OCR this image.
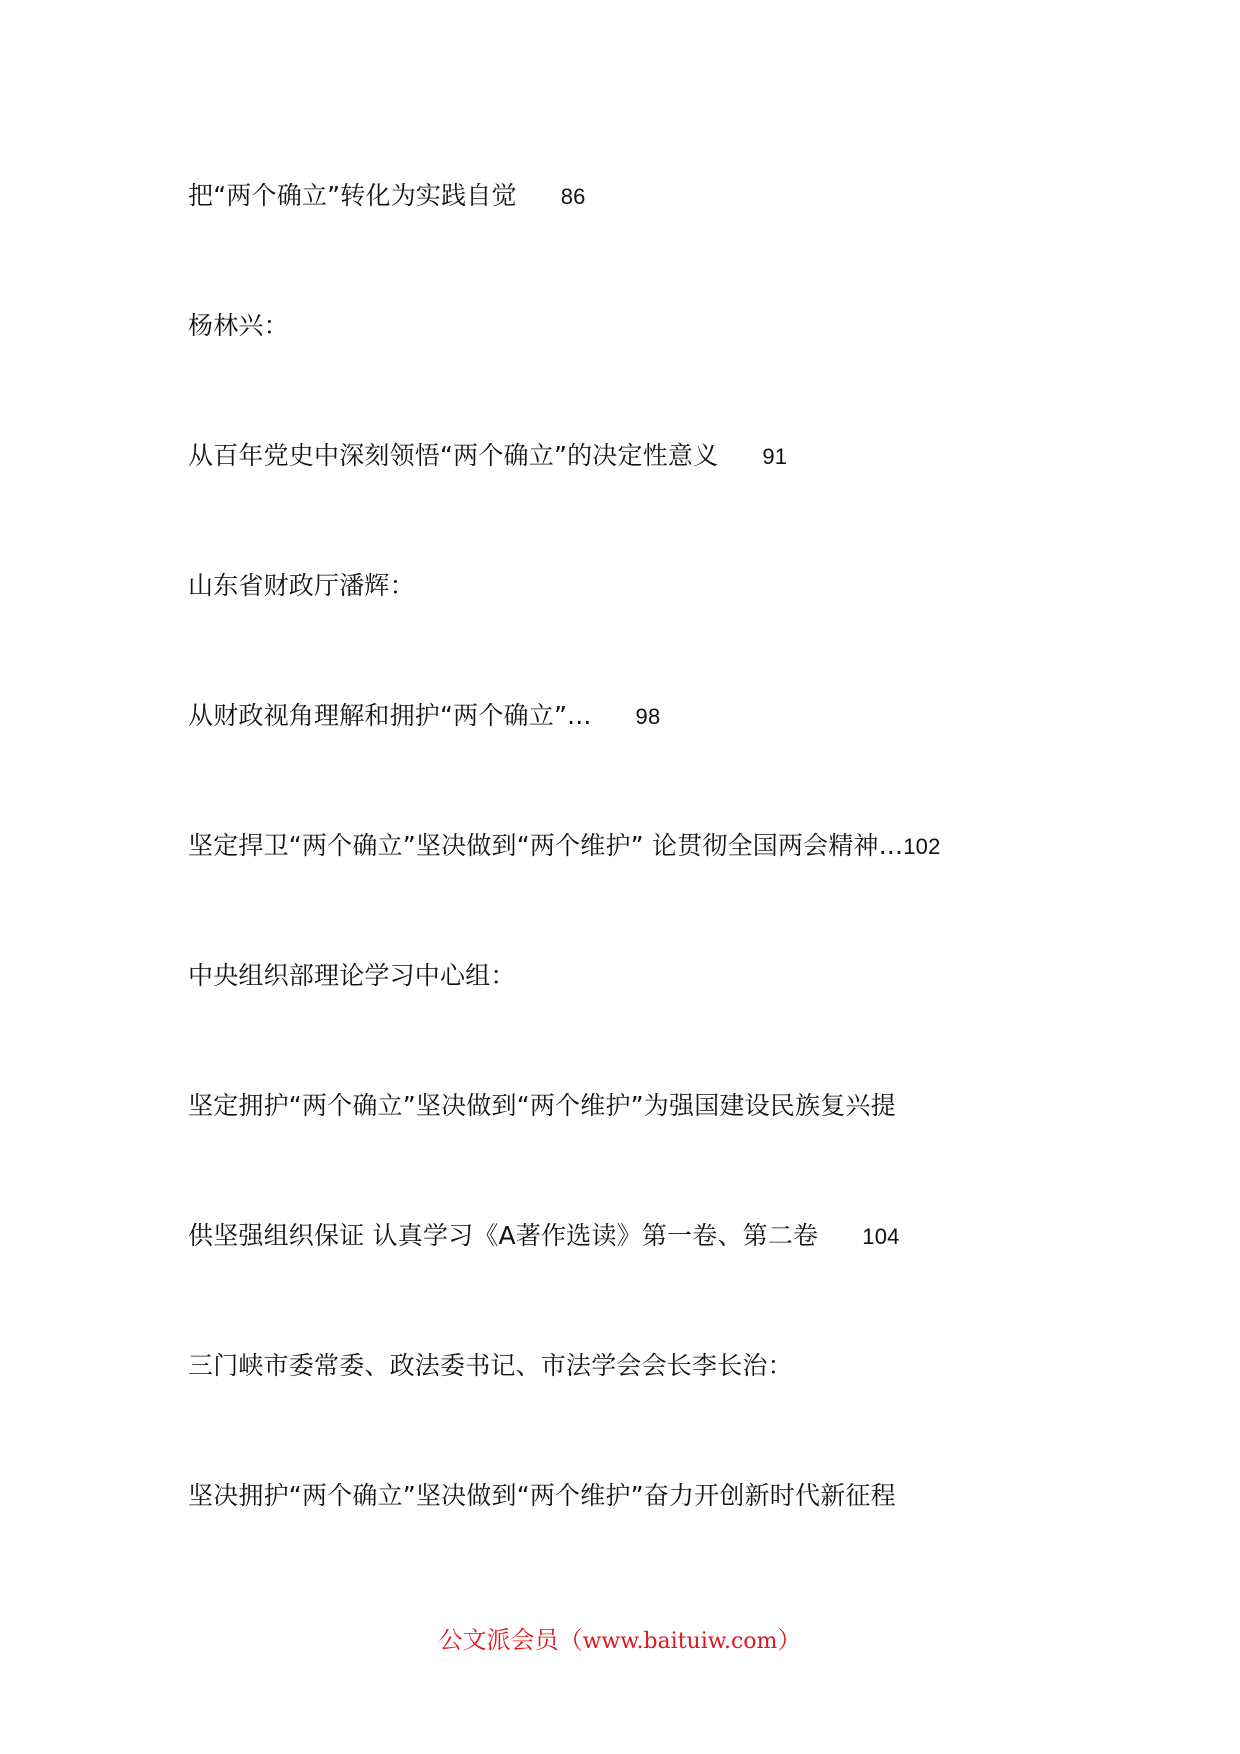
把“两个确立”转化为实践自觉 86
杨林兴：
从百年党史中深刻领悟“两个确立”的决定性意义 91
山东省财政厅潘辉：
从财政视角理解和拥护“两个确立”... 98
坚定捍卫“两个确立”坚决做到“两个维护” 论贯彻全国两会精神...102
中央组织部理论学习中心组：
坚定拥护“两个确立”坚决做到“两个维护”为强国建设民族复兴提
供坚强组织保证 认真学习《A著作选读》第一卷、第二卷 104
三门峡市委常委、政法委书记、市法学会会长李长治：
坚决拥护“两个确立”坚决做到“两个维护”奋力开创新时代新征程
公文派会员（www.baituiw.com）
